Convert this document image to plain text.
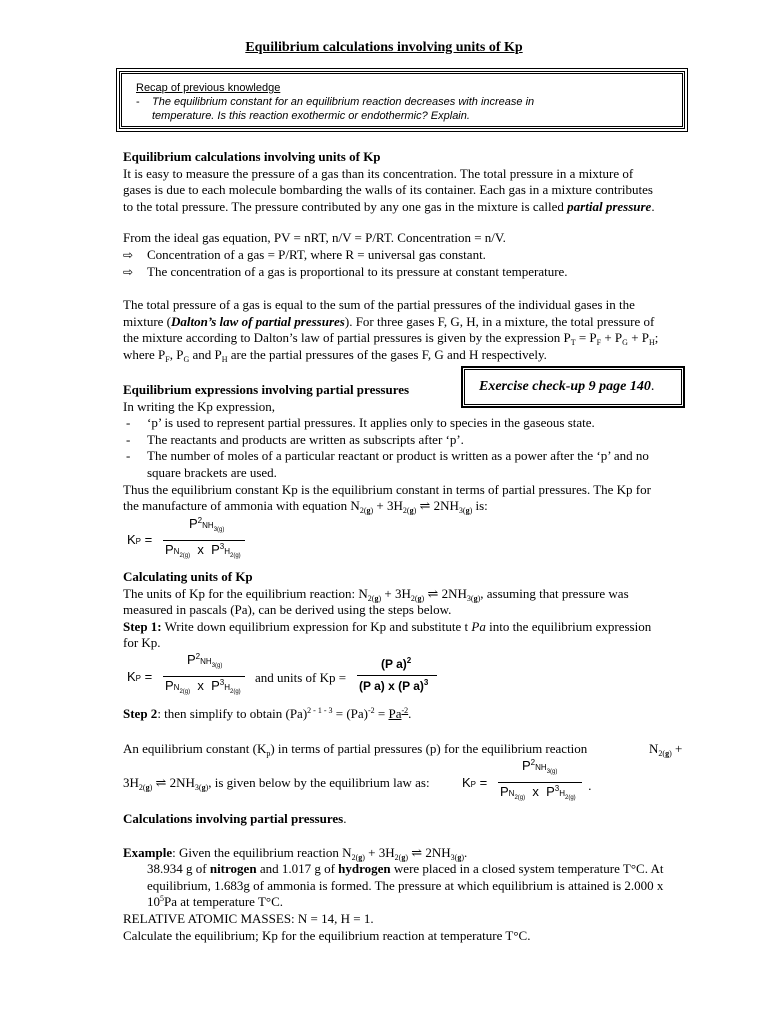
Equilibrium calculations involving units of Kp
Recap of previous knowledge
- The equilibrium constant for an equilibrium reaction decreases with increase in
temperature. Is this reaction exothermic or endothermic? Explain.
Equilibrium calculations involving units of Kp
It is easy to measure the pressure of a gas than its concentration. The total pressure in a mixture of
gases is due to each molecule bombarding the walls of its container. Each gas in a mixture contributes
to the total pressure. The pressure contributed by any one gas in the mixture is called partial pressure.
From the ideal gas equation, PV = nRT, n/V = P/RT. Concentration = n/V.
⇨ Concentration of a gas = P/RT, where R = universal gas constant.
⇨ The concentration of a gas is proportional to its pressure at constant temperature.
The total pressure of a gas is equal to the sum of the partial pressures of the individual gases in the
mixture (Dalton’s law of partial pressures). For three gases F, G, H, in a mixture, the total pressure of
the mixture according to Dalton’s law of partial pressures is given by the expression $P_T = P_F + P_G + P_H$;
where $P_F$, $P_G$ and $P_H$ are the partial pressures of the gases F, G and H respectively.
Exercise check-up 9 page 140.
Equilibrium expressions involving partial pressures
In writing the Kp expression,
- ‘p’ is used to represent partial pressures. It applies only to species in the gaseous state.
- The reactants and products are written as subscripts after ‘p’.
- The number of moles of a particular reactant or product is written as a power after the ‘p’ and no
square brackets are used.
Thus the equilibrium constant Kp is the equilibrium constant in terms of partial pressures. The Kp for
the manufacture of ammonia with equation $N_{2(g)} + 3H_{2(g)}$ ⇌ $2NH_{3(g)}$ is:
KP =
$P^2NH_{3(g)}$
$PN_{2(g)}$  x  $P^3H_{2(g)}$
Calculating units of Kp
The units of Kp for the equilibrium reaction: $N_{2(g)} + 3H_{2(g)}$ ⇌ $2NH_{3(g)}$, assuming that pressure was
measured in pascals (Pa), can be derived using the steps below.
Step 1: Write down equilibrium expression for Kp and substitute t Pa into the equilibrium expression
for Kp.
KP =
$P^2NH_{3(g)}$
$PN_{2(g)}$  x  $P^3H_{2(g)}$
and units of Kp =
(P a)$^2$
(P a) x (P a)$^3$
Step 2: then simplify to obtain $(Pa)^{2 - 1 - 3} = (Pa)^{-2} = Pa^{-2}$.
An equilibrium constant $(K_p)$ in terms of partial pressures (p) for the equilibrium reaction	$N_{2(g)}$ +
$3H_{2(g)}$ ⇌ $2NH_{3(g)}$, is given below by the equilibrium law as:	KP =
$P^2NH_{3(g)}$
$PN_{2(g)}$  x  $P^3H_{2(g)}$
.
Calculations involving partial pressures.
Example: Given the equilibrium reaction $N_{2(g)} + 3H_{2(g)}$ ⇌ $2NH_{3(g)}$.
38.934 g of nitrogen and 1.017 g of hydrogen were placed in a closed system temperature T°C. At
equilibrium, 1.683g of ammonia is formed. The pressure at which equilibrium is attained is 2.000 x
$10^5Pa$ at temperature T°C.
RELATIVE ATOMIC MASSES: N = 14, H = 1.
Calculate the equilibrium; Kp for the equilibrium reaction at temperature T°C.
